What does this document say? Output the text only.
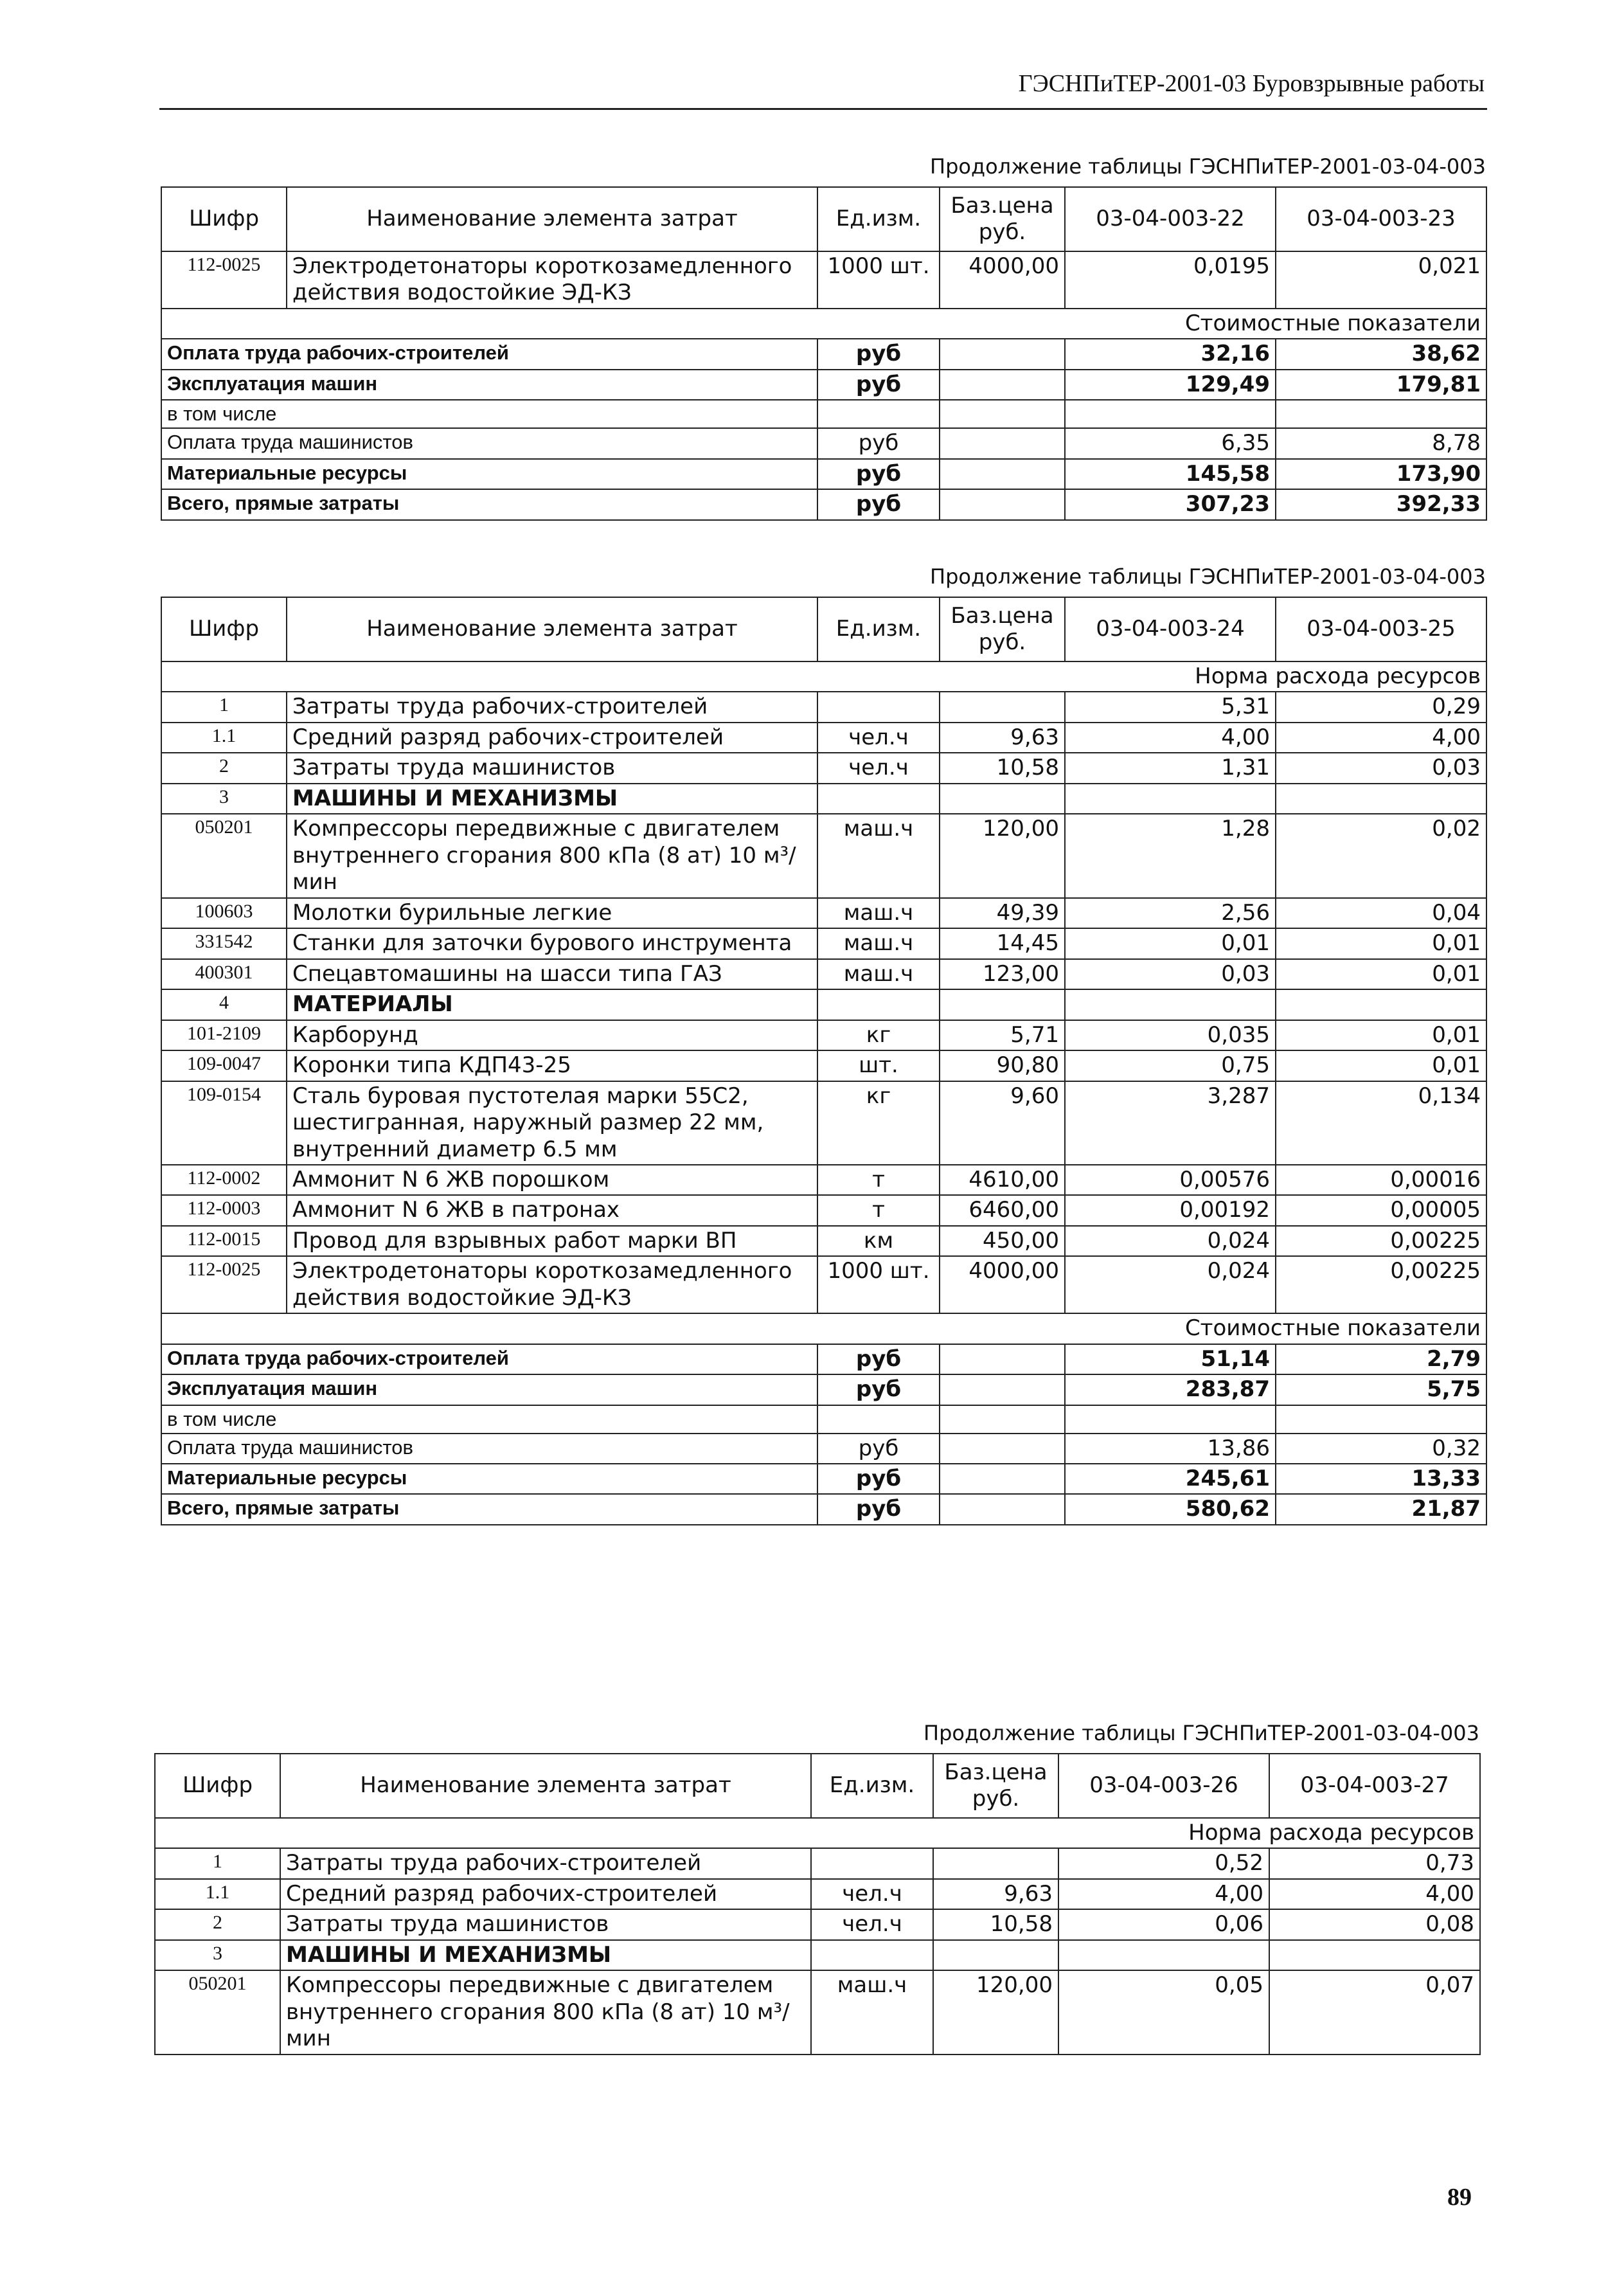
ГЭСНПиТЕР-2001-03 Буровзрывные работы
Продолжение таблицы ГЭСНПиТЕР-2001-03-04-003
Шифр	Наименование элемента затрат	Ед.изм.	Баз.цена руб.	03-04-003-22	03-04-003-23
112-0025	Электродетонаторы короткозамедленного действия водостойкие ЭД-КЗ	1000 шт.	4000,00	0,0195	0,021
Стоимостные показатели					
Оплата труда рабочих-строителей		руб		32,16	38,62
Эксплуатация машин		руб		129,49	179,81
в том числе					
Оплата труда машинистов		руб		6,35	8,78
Материальные ресурсы		руб		145,58	173,90
Всего, прямые затраты		руб		307,23	392,33
Продолжение таблицы ГЭСНПиТЕР-2001-03-04-003
Шифр	Наименование элемента затрат	Ед.изм.	Баз.цена руб.	03-04-003-24	03-04-003-25
Норма расхода ресурсов					
1	Затраты труда рабочих-строителей			5,31	0,29
1.1	Средний разряд рабочих-строителей	чел.ч	9,63	4,00	4,00
2	Затраты труда машинистов	чел.ч	10,58	1,31	0,03
3	МАШИНЫ И МЕХАНИЗМЫ				
050201	Компрессоры передвижные с двигателем внутреннего сгорания 800 кПа (8 ат) 10 м³/мин	маш.ч	120,00	1,28	0,02
100603	Молотки бурильные легкие	маш.ч	49,39	2,56	0,04
331542	Станки для заточки бурового инструмента	маш.ч	14,45	0,01	0,01
400301	Спецавтомашины на шасси типа ГАЗ	маш.ч	123,00	0,03	0,01
4	МАТЕРИАЛЫ				
101-2109	Карборунд	кг	5,71	0,035	0,01
109-0047	Коронки типа КДП43-25	шт.	90,80	0,75	0,01
109-0154	Сталь буровая пустотелая марки 55С2, шестигранная, наружный размер 22 мм, внутренний диаметр 6.5 мм	кг	9,60	3,287	0,134
112-0002	Аммонит N 6 ЖВ порошком	т	4610,00	0,00576	0,00016
112-0003	Аммонит N 6 ЖВ в патронах	т	6460,00	0,00192	0,00005
112-0015	Провод для взрывных работ марки ВП	км	450,00	0,024	0,00225
112-0025	Электродетонаторы короткозамедленного действия водостойкие ЭД-КЗ	1000 шт.	4000,00	0,024	0,00225
Стоимостные показатели					
Оплата труда рабочих-строителей		руб		51,14	2,79
Эксплуатация машин		руб		283,87	5,75
в том числе					
Оплата труда машинистов		руб		13,86	0,32
Материальные ресурсы		руб		245,61	13,33
Всего, прямые затраты		руб		580,62	21,87
Продолжение таблицы ГЭСНПиТЕР-2001-03-04-003
Шифр	Наименование элемента затрат	Ед.изм.	Баз.цена руб.	03-04-003-26	03-04-003-27
Норма расхода ресурсов					
1	Затраты труда рабочих-строителей			0,52	0,73
1.1	Средний разряд рабочих-строителей	чел.ч	9,63	4,00	4,00
2	Затраты труда машинистов	чел.ч	10,58	0,06	0,08
3	МАШИНЫ И МЕХАНИЗМЫ				
050201	Компрессоры передвижные с двигателем внутреннего сгорания 800 кПа (8 ат) 10 м³/мин	маш.ч	120,00	0,05	0,07
89
